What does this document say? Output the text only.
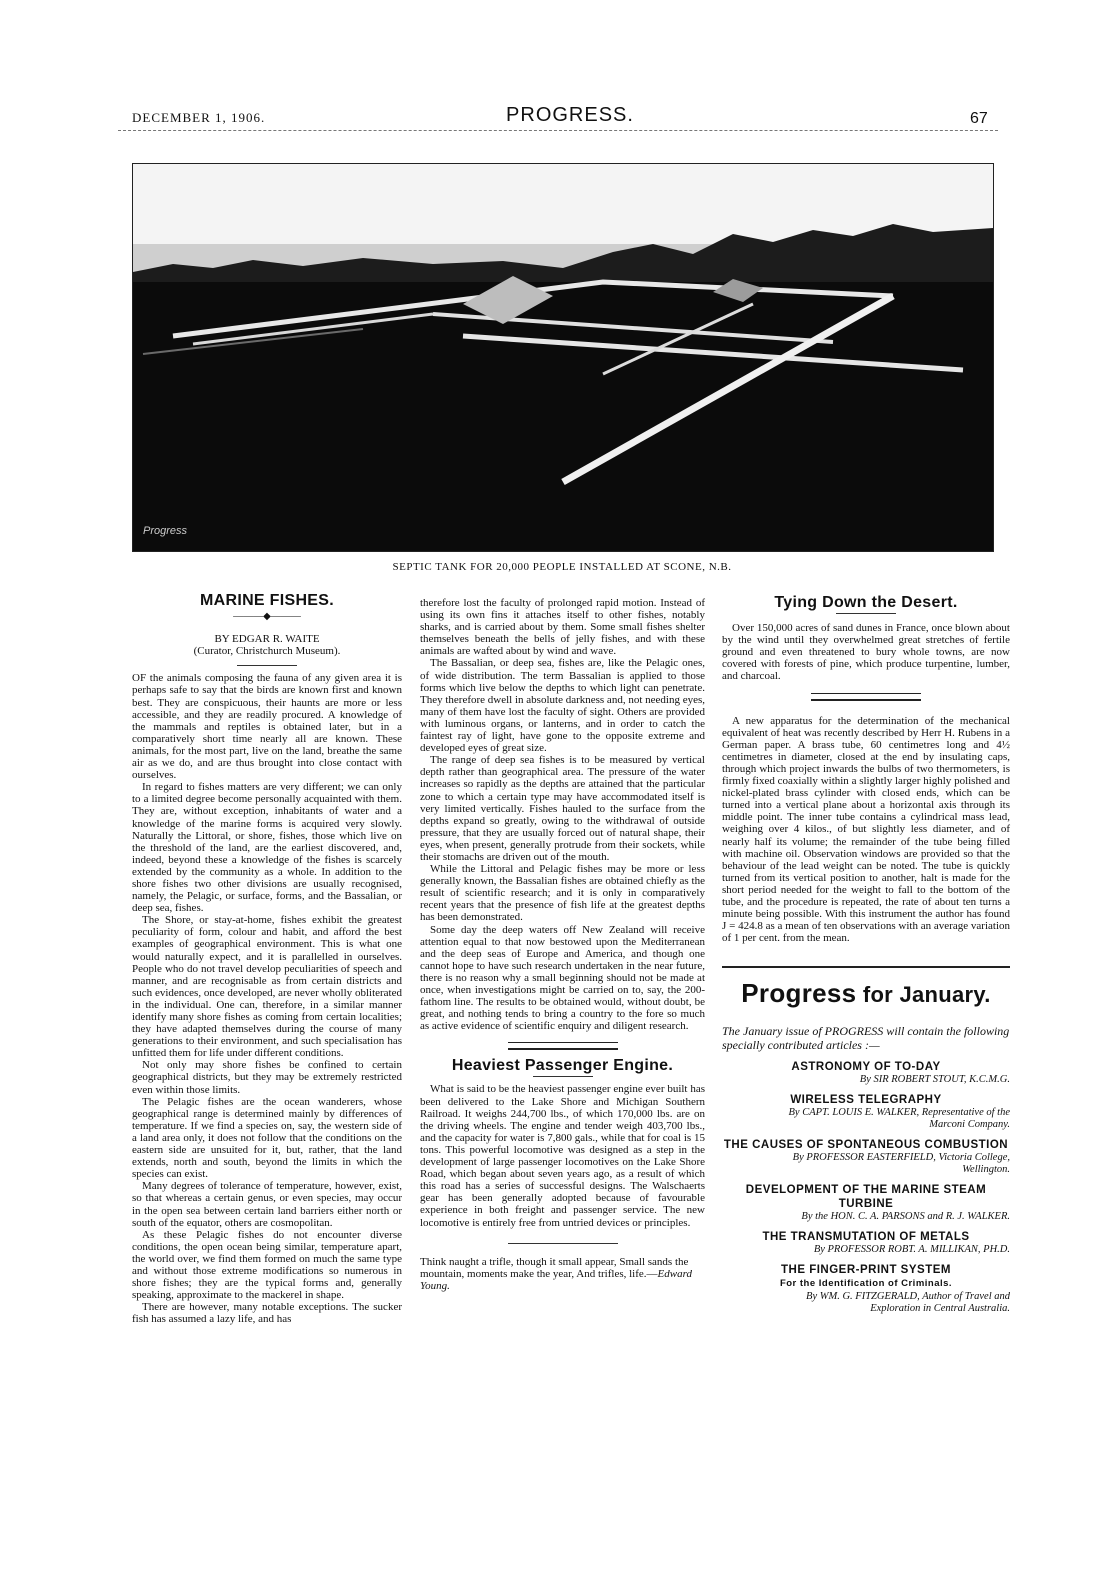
DECEMBER 1, 1906.	PROGRESS.	67
Progress
SEPTIC TANK FOR 20,000 PEOPLE INSTALLED AT SCONE, N.B.
MARINE FISHES.
———◆———
BY EDGAR R. WAITE
(Curator, Christchurch Museum).

OF the animals composing the fauna of any given area it is perhaps safe to say that the birds are known first and known best. They are conspicuous, their haunts are more or less accessible, and they are readily procured. A knowledge of the mammals and reptiles is obtained later, but in a comparatively short time nearly all are known. These animals, for the most part, live on the land, breathe the same air as we do, and are thus brought into close contact with ourselves.

In regard to fishes matters are very different; we can only to a limited degree become personally acquainted with them. They are, without exception, inhabitants of water and a knowledge of the marine forms is acquired very slowly. Naturally the Littoral, or shore, fishes, those which live on the threshold of the land, are the earliest discovered, and, indeed, beyond these a knowledge of the fishes is scarcely extended by the community as a whole. In addition to the shore fishes two other divisions are usually recognised, namely, the Pelagic, or surface, forms, and the Bassalian, or deep sea, fishes.

The Shore, or stay-at-home, fishes exhibit the greatest peculiarity of form, colour and habit, and afford the best examples of geographical environment. This is what one would naturally expect, and it is parallelled in ourselves. People who do not travel develop peculiarities of speech and manner, and are recognisable as from certain districts and such evidences, once developed, are never wholly obliterated in the individual. One can, therefore, in a similar manner identify many shore fishes as coming from certain localities; they have adapted themselves during the course of many generations to their environment, and such specialisation has unfitted them for life under different conditions.

Not only may shore fishes be confined to certain geographical districts, but they may be extremely restricted even within those limits.

The Pelagic fishes are the ocean wanderers, whose geographical range is determined mainly by differences of temperature. If we find a species on, say, the western side of a land area only, it does not follow that the conditions on the eastern side are unsuited for it, but, rather, that the land extends, north and south, beyond the limits in which the species can exist.

Many degrees of tolerance of temperature, however, exist, so that whereas a certain genus, or even species, may occur in the open sea between certain land barriers either north or south of the equator, others are cosmopolitan.

As these Pelagic fishes do not encounter diverse conditions, the open ocean being similar, temperature apart, the world over, we find them formed on much the same type and without those extreme modifications so numerous in shore fishes; they are the typical forms and, generally speaking, approximate to the mackerel in shape.

There are however, many notable exceptions. The sucker fish has assumed a lazy life, and has

therefore lost the faculty of prolonged rapid motion. Instead of using its own fins it attaches itself to other fishes, notably sharks, and is carried about by them. Some small fishes shelter themselves beneath the bells of jelly fishes, and with these animals are wafted about by wind and wave.

The Bassalian, or deep sea, fishes are, like the Pelagic ones, of wide distribution. The term Bassalian is applied to those forms which live below the depths to which light can penetrate. They therefore dwell in absolute darkness and, not needing eyes, many of them have lost the faculty of sight. Others are provided with luminous organs, or lanterns, and in order to catch the faintest ray of light, have gone to the opposite extreme and developed eyes of great size.

The range of deep sea fishes is to be measured by vertical depth rather than geographical area. The pressure of the water increases so rapidly as the depths are attained that the particular zone to which a certain type may have accommodated itself is very limited vertically. Fishes hauled to the surface from the depths expand so greatly, owing to the withdrawal of outside pressure, that they are usually forced out of natural shape, their eyes, when present, generally protrude from their sockets, while their stomachs are driven out of the mouth.

While the Littoral and Pelagic fishes may be more or less generally known, the Bassalian fishes are obtained chiefly as the result of scientific research; and it is only in comparatively recent years that the presence of fish life at the greatest depths has been demonstrated.

Some day the deep waters off New Zealand will receive attention equal to that now bestowed upon the Mediterranean and the deep seas of Europe and America, and though one cannot hope to have such research undertaken in the near future, there is no reason why a small beginning should not be made at once, when investigations might be carried on to, say, the 200-fathom line. The results to be obtained would, without doubt, be great, and nothing tends to bring a country to the fore so much as active evidence of scientific enquiry and diligent research.

Heaviest Passenger Engine.

What is said to be the heaviest passenger engine ever built has been delivered to the Lake Shore and Michigan Southern Railroad. It weighs 244,700 lbs., of which 170,000 lbs. are on the driving wheels. The engine and tender weigh 403,700 lbs., and the capacity for water is 7,800 gals., while that for coal is 15 tons. This powerful locomotive was designed as a step in the development of large passenger locomotives on the Lake Shore Road, which began about seven years ago, as a result of which this road has a series of successful designs. The Walschaerts gear has been generally adopted because of favourable experience in both freight and passenger service. The new locomotive is entirely free from untried devices or principles.

Think naught a trifle, though it small appear, Small sands the mountain, moments make the year, And trifles, life.—Edward Young.

Tying Down the Desert.

Over 150,000 acres of sand dunes in France, once blown about by the wind until they overwhelmed great stretches of fertile ground and even threatened to bury whole towns, are now covered with forests of pine, which produce turpentine, lumber, and charcoal.

A new apparatus for the determination of the mechanical equivalent of heat was recently described by Herr H. Rubens in a German paper. A brass tube, 60 centimetres long and 4½ centimetres in diameter, closed at the end by insulating caps, through which project inwards the bulbs of two thermometers, is firmly fixed coaxially within a slightly larger highly polished and nickel-plated brass cylinder with closed ends, which can be turned into a vertical plane about a horizontal axis through its middle point. The inner tube contains a cylindrical mass lead, weighing over 4 kilos., of but slightly less diameter, and of nearly half its volume; the remainder of the tube being filled with machine oil. Observation windows are provided so that the behaviour of the lead weight can be noted. The tube is quickly turned from its vertical position to another, halt is made for the short period needed for the weight to fall to the bottom of the tube, and the procedure is repeated, the rate of about ten turns a minute being possible. With this instrument the author has found J = 424.8 as a mean of ten observations with an average variation of 1 per cent. from the mean.

Progress for January.

The January issue of PROGRESS will contain the following specially contributed articles :—

ASTRONOMY OF TO-DAY
By SIR ROBERT STOUT, K.C.M.G.
WIRELESS TELEGRAPHY
By CAPT. LOUIS E. WALKER, Representative of the Marconi Company.
THE CAUSES OF SPONTANEOUS COMBUSTION
By PROFESSOR EASTERFIELD, Victoria College, Wellington.
DEVELOPMENT OF THE MARINE STEAM TURBINE
By the HON. C. A. PARSONS and R. J. WALKER.
THE TRANSMUTATION OF METALS
By PROFESSOR ROBT. A. MILLIKAN, PH.D.
THE FINGER-PRINT SYSTEM
For the Identification of Criminals.
By WM. G. FITZGERALD, Author of Travel and Exploration in Central Australia.
